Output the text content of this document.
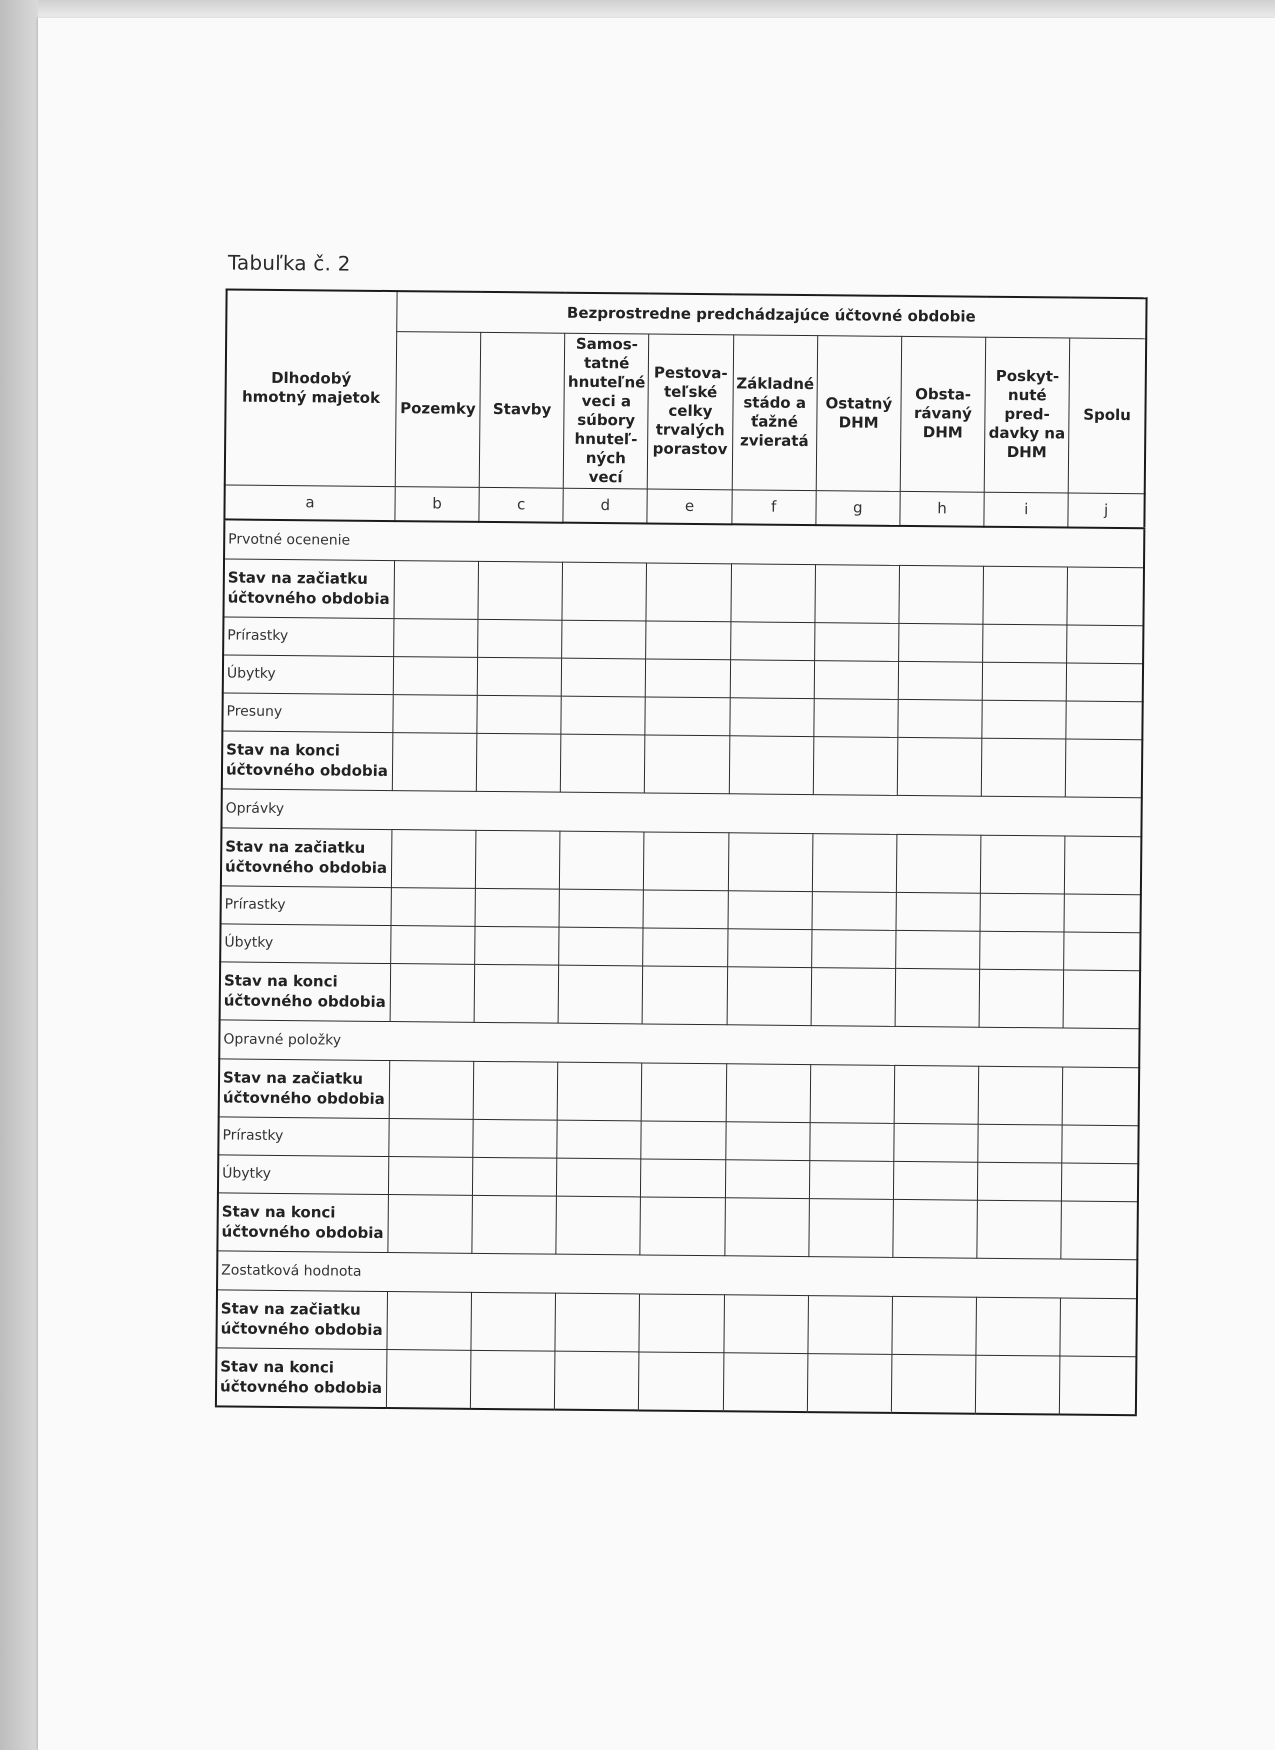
Tabuľka č. 2
Dlhodobý hmotný majetok	Bezprostredne predchádzajúce účtovné obdobie								
	Pozemky	Stavby	Samos-tatné hnuteľné veci a súbory hnuteľ-ných vecí	Pestova-teľské celky trvalých porastov	Základné stádo a ťažné zvieratá	Ostatný DHM	Obsta-rávaný DHM	Poskyt-nuté pred-davky na DHM	Spolu
a	b	c	d	e	f	g	h	i	j
Prvotné ocenenie									
Stav na začiatku účtovného obdobia									
Prírastky									
Úbytky									
Presuny									
Stav na konci účtovného obdobia									
Oprávky									
Stav na začiatku účtovného obdobia									
Prírastky									
Úbytky									
Stav na konci účtovného obdobia									
Opravné položky									
Stav na začiatku účtovného obdobia									
Prírastky									
Úbytky									
Stav na konci účtovného obdobia									
Zostatková hodnota									
Stav na začiatku účtovného obdobia									
Stav na konci účtovného obdobia									
